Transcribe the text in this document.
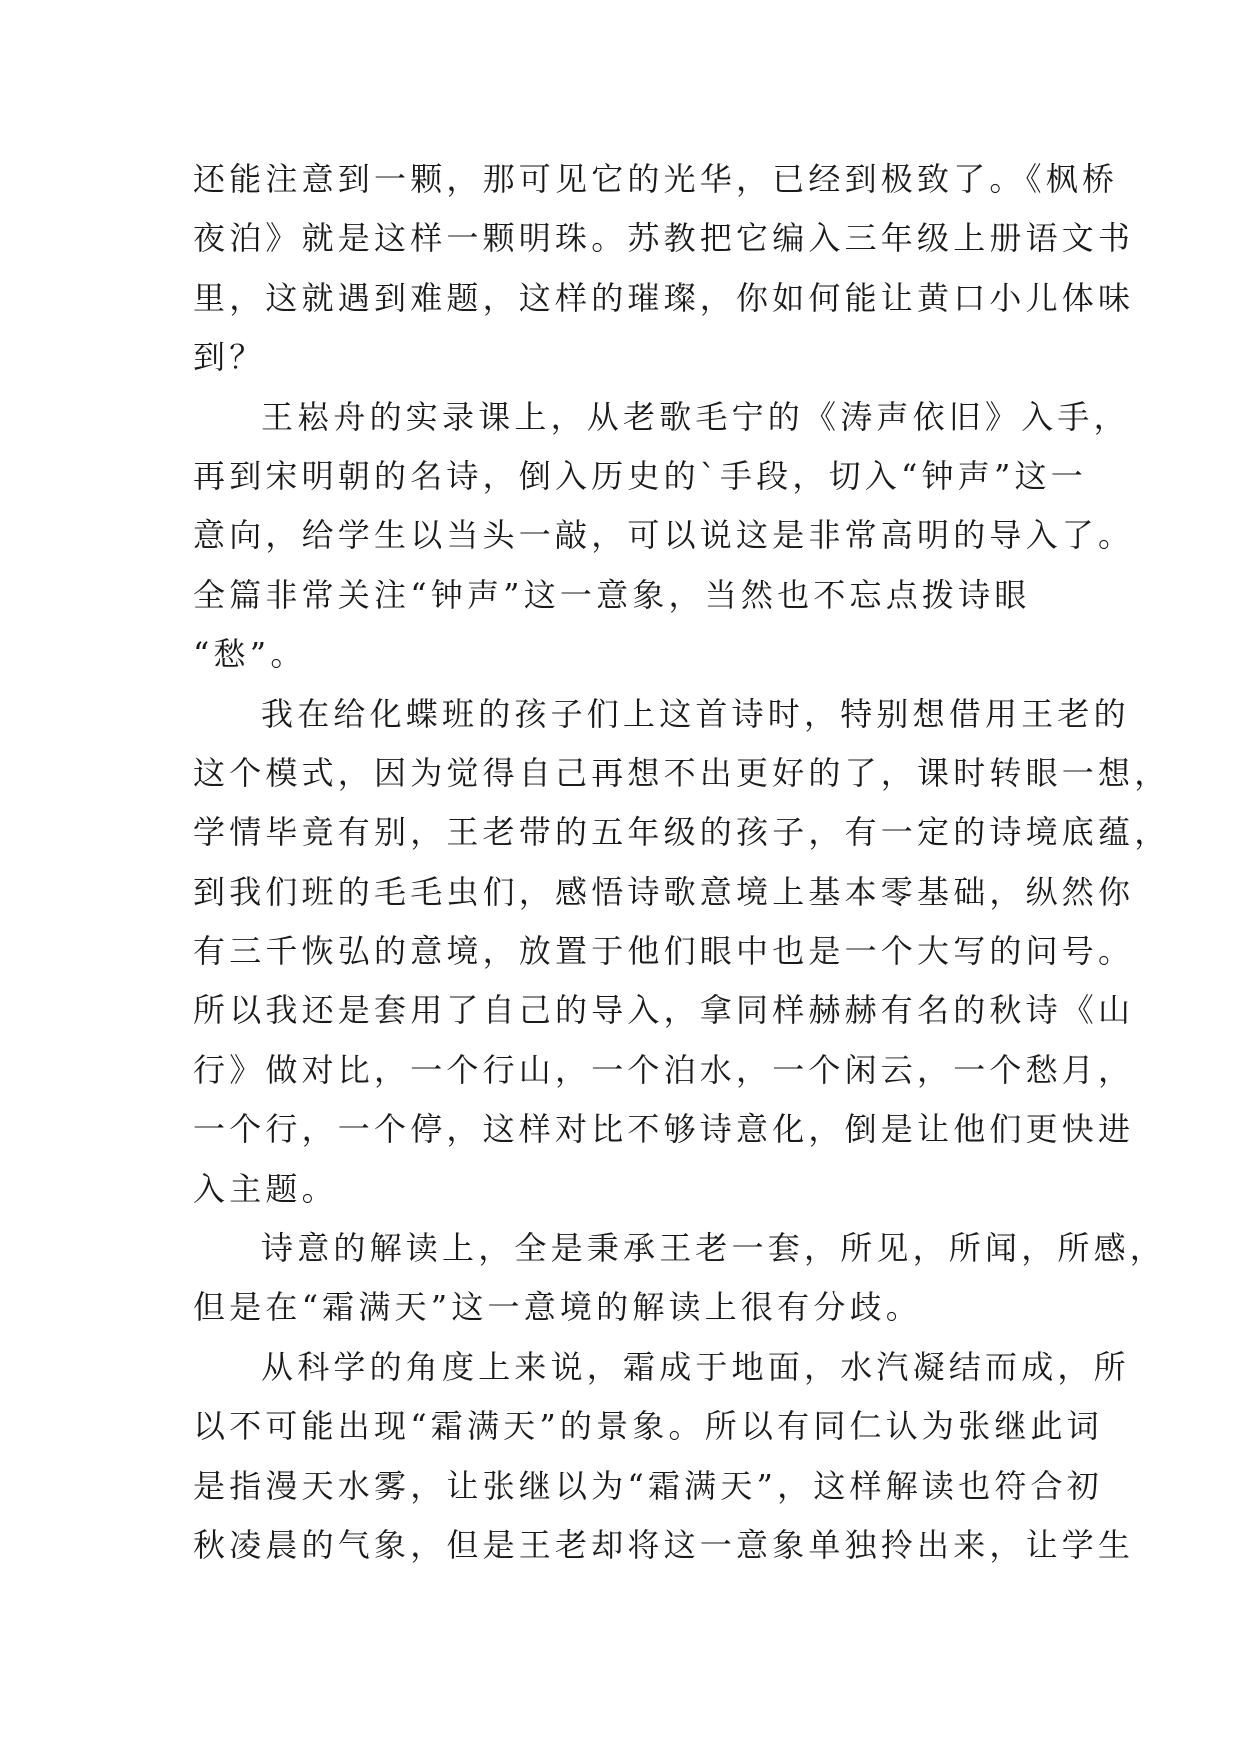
还能注意到一颗，那可见它的光华，已经到极致了。《枫桥
夜泊》就是这样一颗明珠。苏教把它编入三年级上册语文书
里，这就遇到难题，这样的璀璨，你如何能让黄口小儿体味
到？
王崧舟的实录课上，从老歌毛宁的《涛声依旧》入手，
再到宋明朝的名诗，倒入历史的`手段，切入“钟声”这一
意向，给学生以当头一敲，可以说这是非常高明的导入了。
全篇非常关注“钟声”这一意象，当然也不忘点拨诗眼
“愁”。
我在给化蝶班的孩子们上这首诗时，特别想借用王老的
这个模式，因为觉得自己再想不出更好的了，课时转眼一想，
学情毕竟有别，王老带的五年级的孩子，有一定的诗境底蕴，
到我们班的毛毛虫们，感悟诗歌意境上基本零基础，纵然你
有三千恢弘的意境，放置于他们眼中也是一个大写的问号。
所以我还是套用了自己的导入，拿同样赫赫有名的秋诗《山
行》做对比，一个行山，一个泊水，一个闲云，一个愁月，
一个行，一个停，这样对比不够诗意化，倒是让他们更快进
入主题。
诗意的解读上，全是秉承王老一套，所见，所闻，所感，
但是在“霜满天”这一意境的解读上很有分歧。
从科学的角度上来说，霜成于地面，水汽凝结而成，所
以不可能出现“霜满天”的景象。所以有同仁认为张继此词
是指漫天水雾，让张继以为“霜满天”，这样解读也符合初
秋凌晨的气象，但是王老却将这一意象单独拎出来，让学生
